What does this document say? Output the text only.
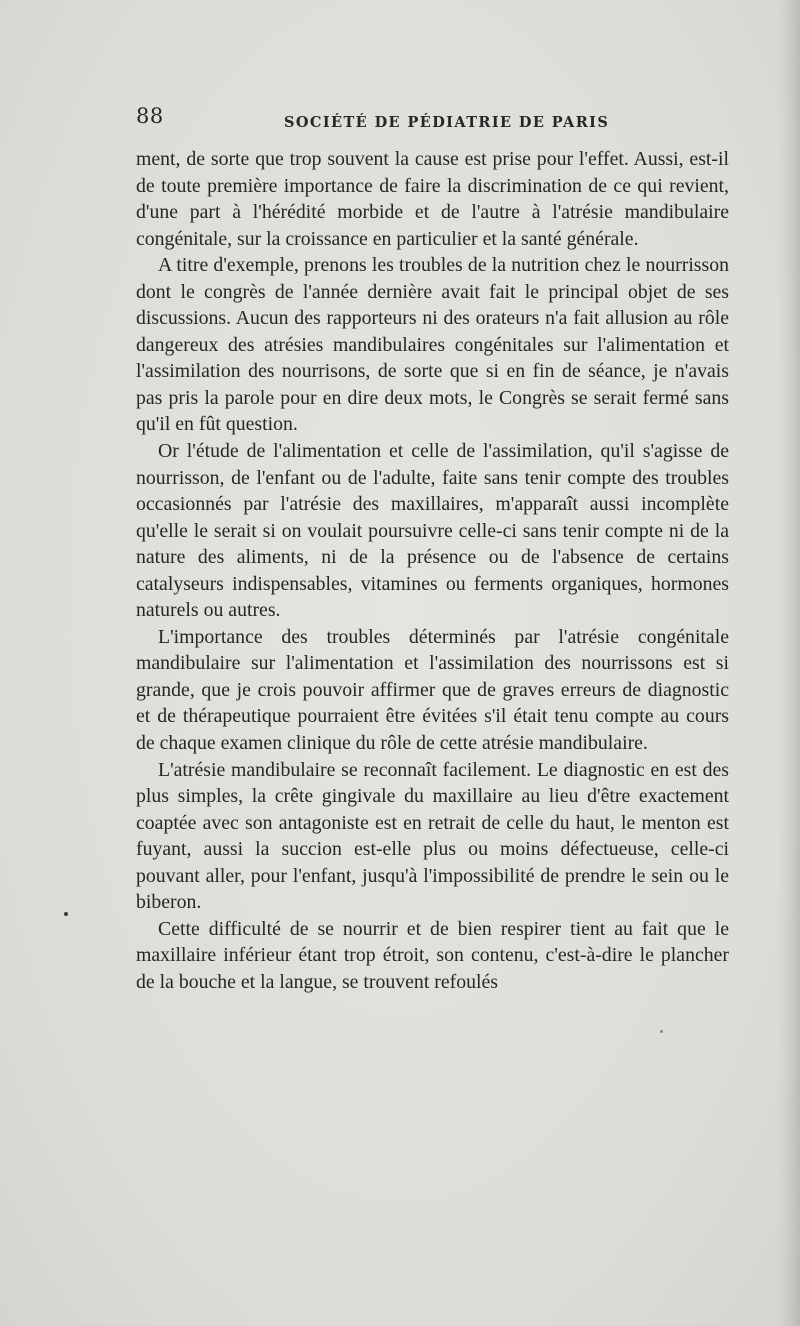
88	SOCIÉTÉ DE PÉDIATRIE DE PARIS

ment, de sorte que trop souvent la cause est prise pour l'effet. Aussi, est-il de toute première importance de faire la discrimination de ce qui revient, d'une part à l'hérédité morbide et de l'autre à l'atrésie mandibulaire congénitale, sur la croissance en particulier et la santé générale.

A titre d'exemple, prenons les troubles de la nutrition chez le nourrisson dont le congrès de l'année dernière avait fait le principal objet de ses discussions. Aucun des rapporteurs ni des orateurs n'a fait allusion au rôle dangereux des atrésies mandibulaires congénitales sur l'alimentation et l'assimilation des nourrisons, de sorte que si en fin de séance, je n'avais pas pris la parole pour en dire deux mots, le Congrès se serait fermé sans qu'il en fût question.

Or l'étude de l'alimentation et celle de l'assimilation, qu'il s'agisse de nourrisson, de l'enfant ou de l'adulte, faite sans tenir compte des troubles occasionnés par l'atrésie des maxillaires, m'apparaît aussi incomplète qu'elle le serait si on voulait poursuivre celle-ci sans tenir compte ni de la nature des aliments, ni de la présence ou de l'absence de certains catalyseurs indispensables, vitamines ou ferments organiques, hormones naturels ou autres.

L'importance des troubles déterminés par l'atrésie congénitale mandibulaire sur l'alimentation et l'assimilation des nourrissons est si grande, que je crois pouvoir affirmer que de graves erreurs de diagnostic et de thérapeutique pourraient être évitées s'il était tenu compte au cours de chaque examen clinique du rôle de cette atrésie mandibulaire.

L'atrésie mandibulaire se reconnaît facilement. Le diagnostic en est des plus simples, la crête gingivale du maxillaire au lieu d'être exactement coaptée avec son antagoniste est en retrait de celle du haut, le menton est fuyant, aussi la succion est-elle plus ou moins défectueuse, celle-ci pouvant aller, pour l'enfant, jusqu'à l'impossibilité de prendre le sein ou le biberon.

Cette difficulté de se nourrir et de bien respirer tient au fait que le maxillaire inférieur étant trop étroit, son contenu, c'est-à-dire le plancher de la bouche et la langue, se trouvent refoulés
